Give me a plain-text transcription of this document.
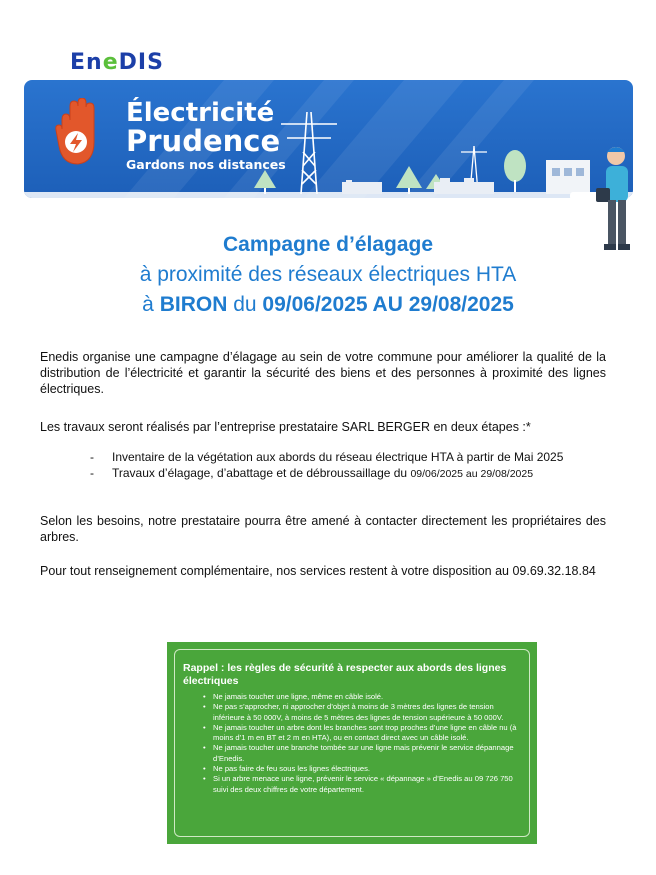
EneDIS
Électricité
Prudence
Gardons nos distances
Campagne d’élagage
à proximité des réseaux électriques HTA
à BIRON du 09/06/2025 AU 29/08/2025
Enedis organise une campagne d’élagage au sein de votre commune pour améliorer la qualité de la distribution de l’électricité et garantir la sécurité des biens et des personnes à proximité des lignes électriques.
Les travaux seront réalisés par l’entreprise prestataire SARL BERGER en deux étapes :*
- Inventaire de la végétation aux abords du réseau électrique HTA à partir de Mai 2025
- Travaux d’élagage, d’abattage et de débroussaillage du 09/06/2025 au 29/08/2025
Selon les besoins, notre prestataire pourra être amené à contacter directement les propriétaires des arbres.
Pour tout renseignement complémentaire, nos services restent à votre disposition au 09.69.32.18.84
Rappel : les règles de sécurité à respecter aux abords des lignes électriques
• Ne jamais toucher une ligne, même en câble isolé.
• Ne pas s’approcher, ni approcher d’objet à moins de 3 mètres des lignes de tension inférieure à 50 000V, à moins de 5 mètres des lignes de tension supérieure à 50 000V.
• Ne jamais toucher un arbre dont les branches sont trop proches d’une ligne en câble nu (à moins d’1 m en BT et 2 m en HTA), ou en contact direct avec un câble isolé.
• Ne jamais toucher une branche tombée sur une ligne mais prévenir le service dépannage d’Enedis.
• Ne pas faire de feu sous les lignes électriques.
• Si un arbre menace une ligne, prévenir le service « dépannage » d’Enedis au 09 726 750 suivi des deux chiffres de votre département.
